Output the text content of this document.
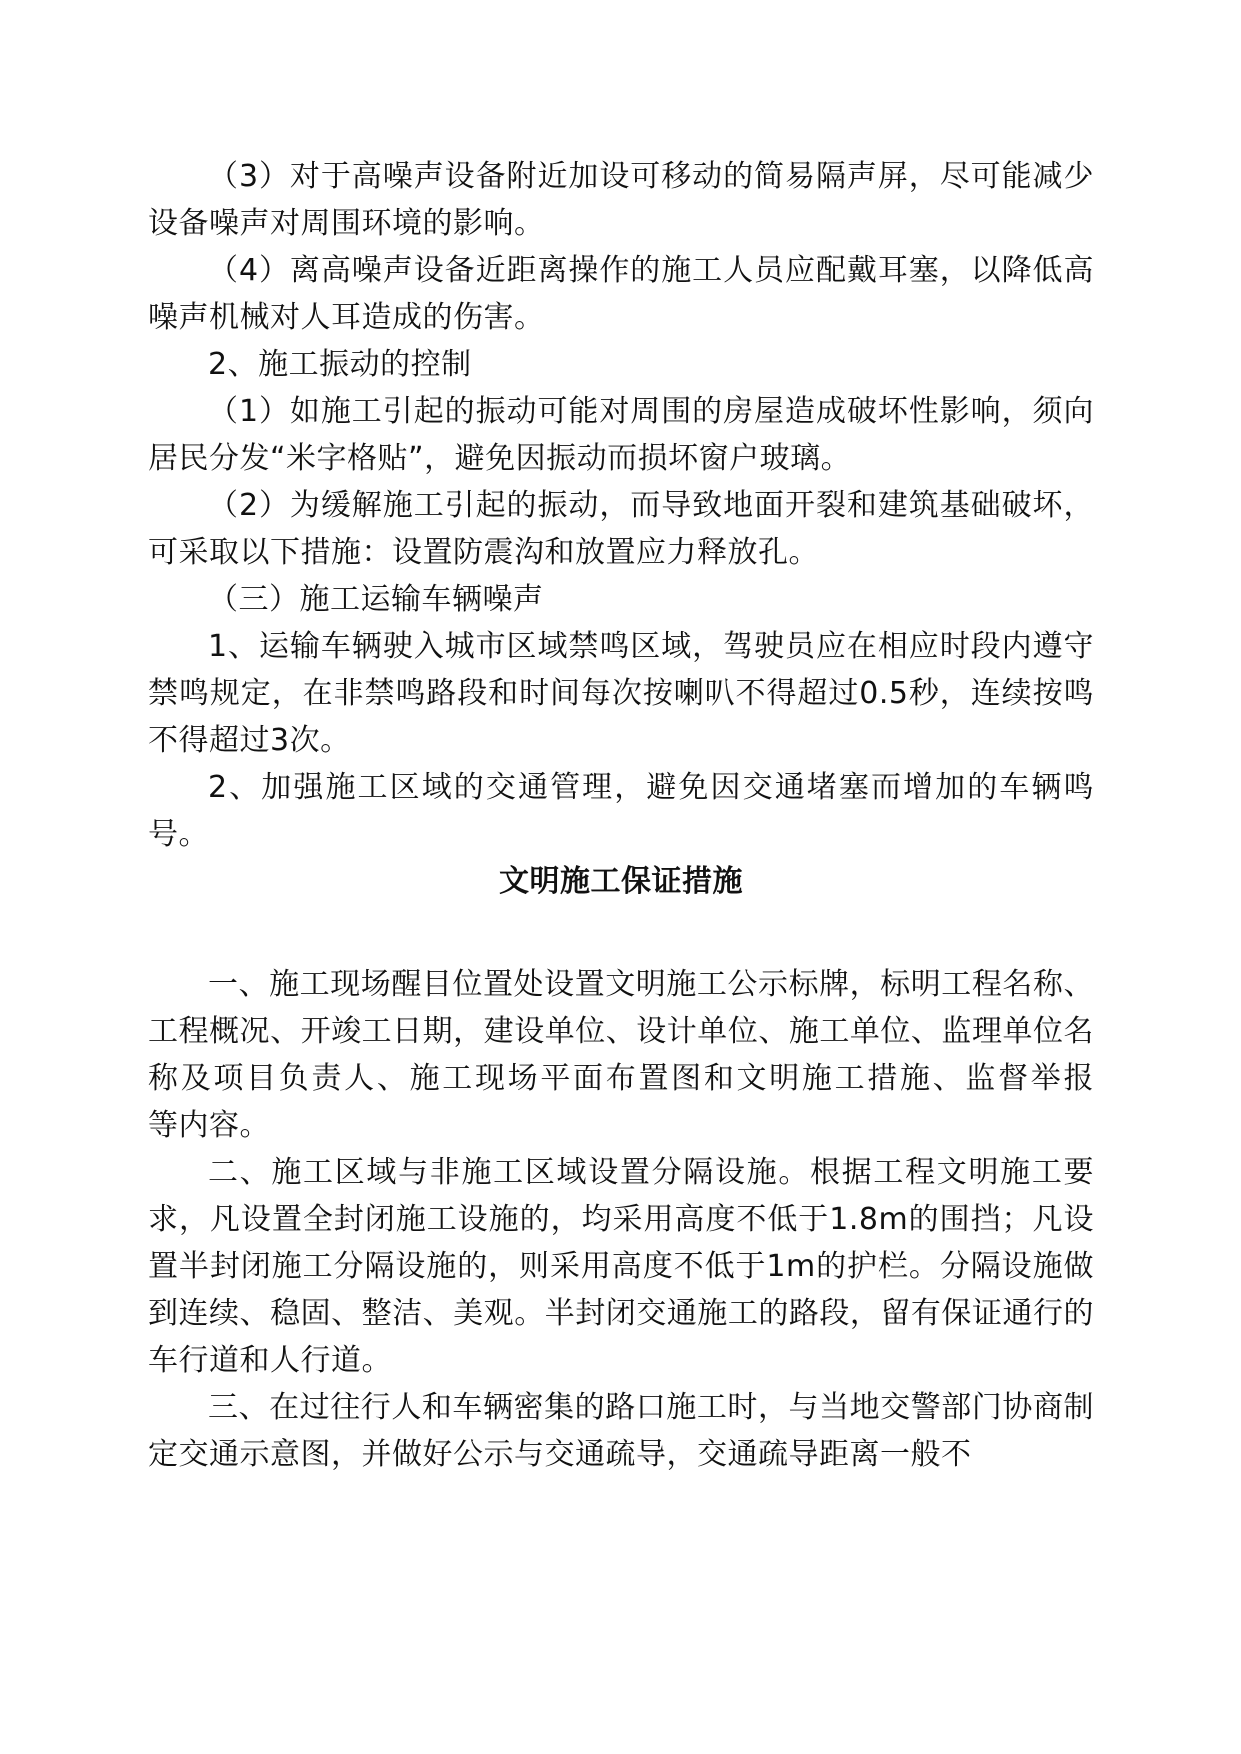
（3）对于高噪声设备附近加设可移动的简易隔声屏，尽可能减少设备噪声对周围环境的影响。

（4）离高噪声设备近距离操作的施工人员应配戴耳塞，以降低高噪声机械对人耳造成的伤害。

2、施工振动的控制

（1）如施工引起的振动可能对周围的房屋造成破坏性影响，须向居民分发“米字格贴”，避免因振动而损坏窗户玻璃。

（2）为缓解施工引起的振动，而导致地面开裂和建筑基础破坏，可采取以下措施：设置防震沟和放置应力释放孔。

（三）施工运输车辆噪声

1、运输车辆驶入城市区域禁鸣区域，驾驶员应在相应时段内遵守禁鸣规定，在非禁鸣路段和时间每次按喇叭不得超过0.5秒，连续按鸣不得超过3次。

2、加强施工区域的交通管理，避免因交通堵塞而增加的车辆鸣号。

文明施工保证措施

一、施工现场醒目位置处设置文明施工公示标牌，标明工程名称、工程概况、开竣工日期，建设单位、设计单位、施工单位、监理单位名称及项目负责人、施工现场平面布置图和文明施工措施、监督举报　　等内容。

二、施工区域与非施工区域设置分隔设施。根据工程文明施工要求，凡设置全封闭施工设施的，均采用高度不低于1.8m的围挡；凡设置半封闭施工分隔设施的，则采用高度不低于1m的护栏。分隔设施做到连续、稳固、整洁、美观。半封闭交通施工的路段，留有保证通行的车行道和人行道。

三、在过往行人和车辆密集的路口施工时，与当地交警部门协商制定交通示意图，并做好公示与交通疏导，交通疏导距离一般不
